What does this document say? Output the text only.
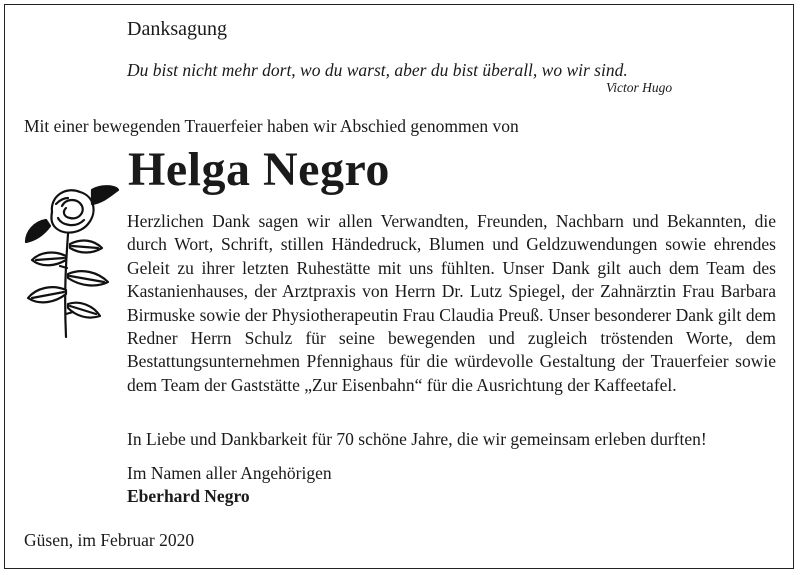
Danksagung
Du bist nicht mehr dort, wo du warst, aber du bist überall, wo wir sind.
Victor Hugo
Mit einer bewegenden Trauerfeier haben wir Abschied genommen von
Helga Negro

Herzlichen Dank sagen wir allen Verwandten, Freunden, Nachbarn und Bekannten, die durch Wort, Schrift, stillen Händedruck, Blumen und Geldzuwendungen sowie ehrendes Geleit zu ihrer letzten Ruhestätte mit uns fühlten. Unser Dank gilt auch dem Team des Kastanienhauses, der Arztpraxis von Herrn Dr. Lutz Spiegel, der Zahnärztin Frau Barbara Birmuske sowie der Physiotherapeutin Frau Claudia Preuß. Unser besonderer Dank gilt dem Redner Herrn Schulz für seine bewegenden und zugleich tröstenden Worte, dem Bestattungsunternehmen Pfennighaus für die würdevolle Gestaltung der Trauerfeier sowie dem Team der Gaststätte „Zur Eisenbahn“ für die Ausrichtung der Kaffeetafel.

In Liebe und Dankbarkeit für 70 schöne Jahre, die wir gemeinsam erleben durften!
Im Namen aller Angehörigen
Eberhard Negro
Güsen, im Februar 2020
